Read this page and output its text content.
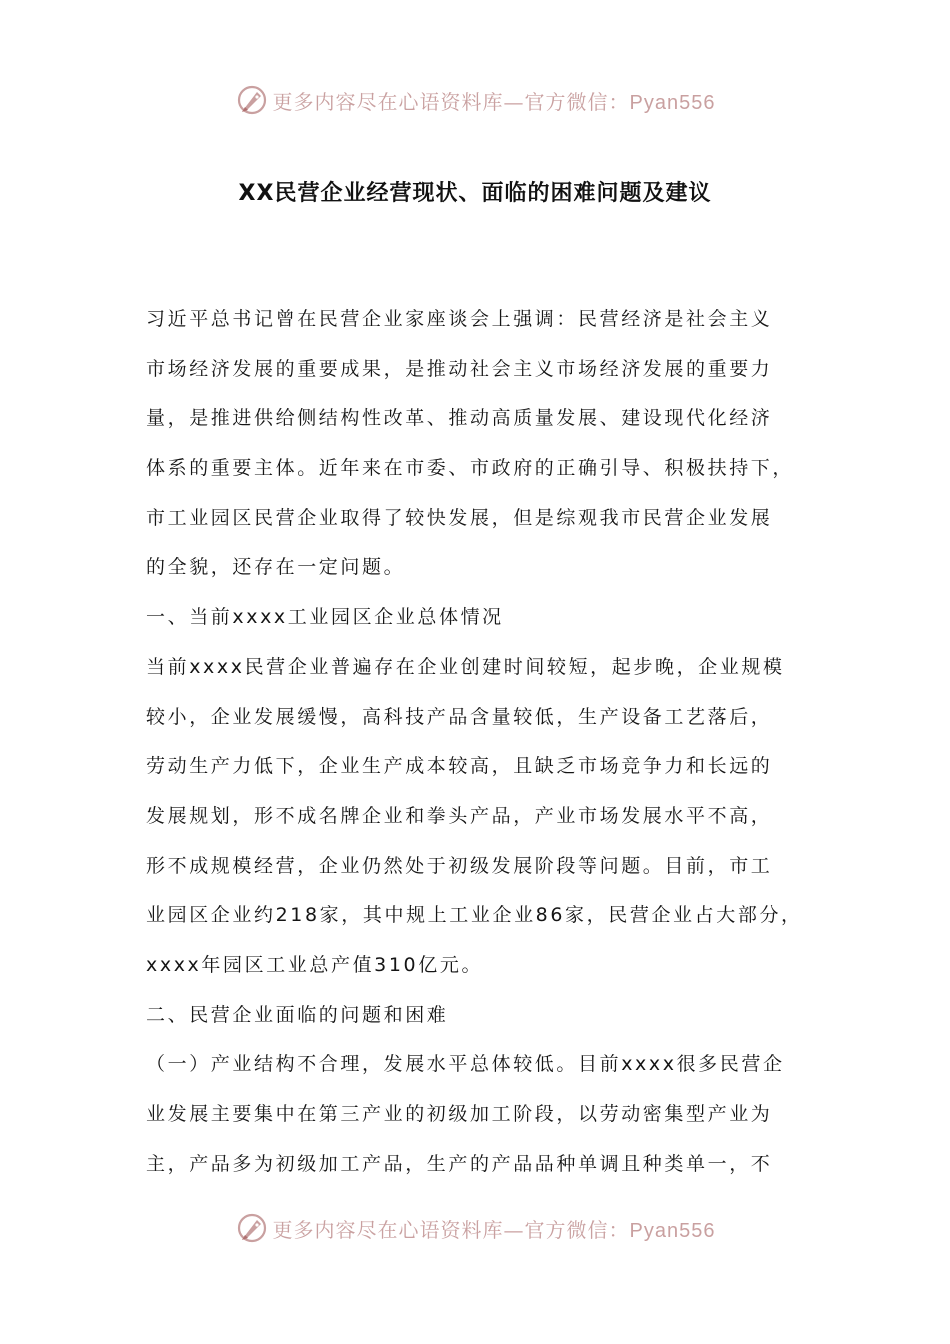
更多内容尽在心语资料库—官方微信：Pyan556
XX民营企业经营现状、面临的困难问题及建议
习近平总书记曾在民营企业家座谈会上强调：民营经济是社会主义
市场经济发展的重要成果，是推动社会主义市场经济发展的重要力
量，是推进供给侧结构性改革、推动高质量发展、建设现代化经济
体系的重要主体。近年来在市委、市政府的正确引导、积极扶持下，
市工业园区民营企业取得了较快发展，但是综观我市民营企业发展
的全貌，还存在一定问题。
一、当前xxxx工业园区企业总体情况
当前xxxx民营企业普遍存在企业创建时间较短，起步晚，企业规模
较小，企业发展缓慢，高科技产品含量较低，生产设备工艺落后，
劳动生产力低下，企业生产成本较高，且缺乏市场竞争力和长远的
发展规划，形不成名牌企业和拳头产品，产业市场发展水平不高，
形不成规模经营，企业仍然处于初级发展阶段等问题。目前，市工
业园区企业约218家，其中规上工业企业86家，民营企业占大部分，
xxxx年园区工业总产值310亿元。
二、民营企业面临的问题和困难
（一）产业结构不合理，发展水平总体较低。目前xxxx很多民营企
业发展主要集中在第三产业的初级加工阶段，以劳动密集型产业为
主，产品多为初级加工产品，生产的产品品种单调且种类单一，不
更多内容尽在心语资料库—官方微信：Pyan556
